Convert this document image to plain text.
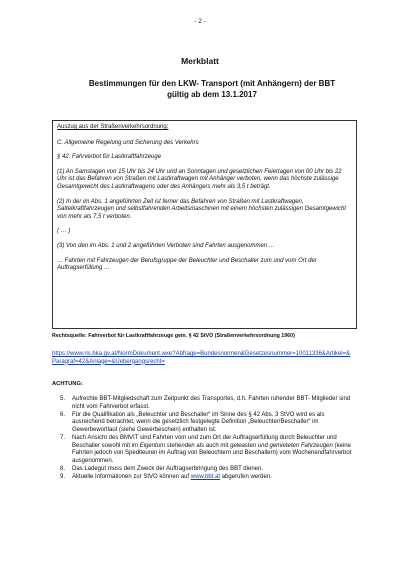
- 2 -
Merkblatt
Bestimmungen für den LKW- Transport (mit Anhängern) der BBT
gültig ab dem 13.1.2017

Auszug aus der Straßenverkehrsordnung:

C. Allgemeine Regelung und Sicherung des Verkehrs

§ 42. Fahrverbot für Lastkraftfahrzeuge

(1) An Samstagen von 15 Uhr bis 24 Uhr und an Sonntagen und gesetzlichen Feiertagen von 00 Uhr bis 22 Uhr ist das Befahren von Straßen mit Lastkraftwagen mit Anhänger verboten, wenn das höchste zulässige Gesamtgewicht des Lastkraftwagens oder des Anhängers mehr als 3,5 t beträgt.

(2) In der im Abs. 1 angeführten Zeit ist ferner das Befahren von Straßen mit Lastkraftwagen, Sattelkraftfahrzeugen und selbstfahrenden Arbeitsmaschinen mit einem höchsten zulässigen Gesamtgewicht von mehr als 7,5 t verboten.

( … )

(3) Von den im Abs. 1 und 2 angeführten Verboten sind Fahrten ausgenommen …

… Fahrten mit Fahrzeugen der Berufsgruppe der Beleuchter und Beschaller zum und vom Ort der Auftragserfüllung …

Rechtsquelle: Fahrverbot für Lastkraftfahrzeuge gem. § 42 StVO (Straßenverkehrsordnung 1960)
https://www.ris.bka.gv.at/NormDokument.wxe?Abfrage=Bundesnormen&Gesetzesnummer=10011336&Artikel=&Paragraf=42&Anlage=&Uebergangsrecht=
ACHTUNG:
5. Aufrechte BBT-Mitgliedschaft zum Zeitpunkt des Transportes, d.h. Fahrten ruhender BBT- Mitglieder sind nicht vom Fahrverbot erfasst.
6. Für die Qualifikation als „Beleuchter und Beschaller“ im Sinne des § 42 Abs. 3 StVO wird es als ausreichend betrachtet, wenn die gesetzlich festgelegte Definition „Beleuchter/Beschaller“ im Gewerbewortlaut (siehe Gewerbeschein) enthalten ist.
7. Nach Ansicht des BMVIT sind Fahrten vom und zum Ort der Auftragserfüllung durch Beleuchter und Beschaller sowohl mit im Eigentum stehenden als auch mit geleasten und gemieteten Fahrzeugen (keine Fahrten jedoch von Spediteuren im Auftrag von Beleuchtern und Beschallern) vom Wochenendfahrverbot ausgenommen.
8. Das Ladegut muss dem Zweck der Auftragserbringung des BBT dienen.
9. Aktuelle Informationen zur StVO können auf www.bbt.at abgerufen werden.
